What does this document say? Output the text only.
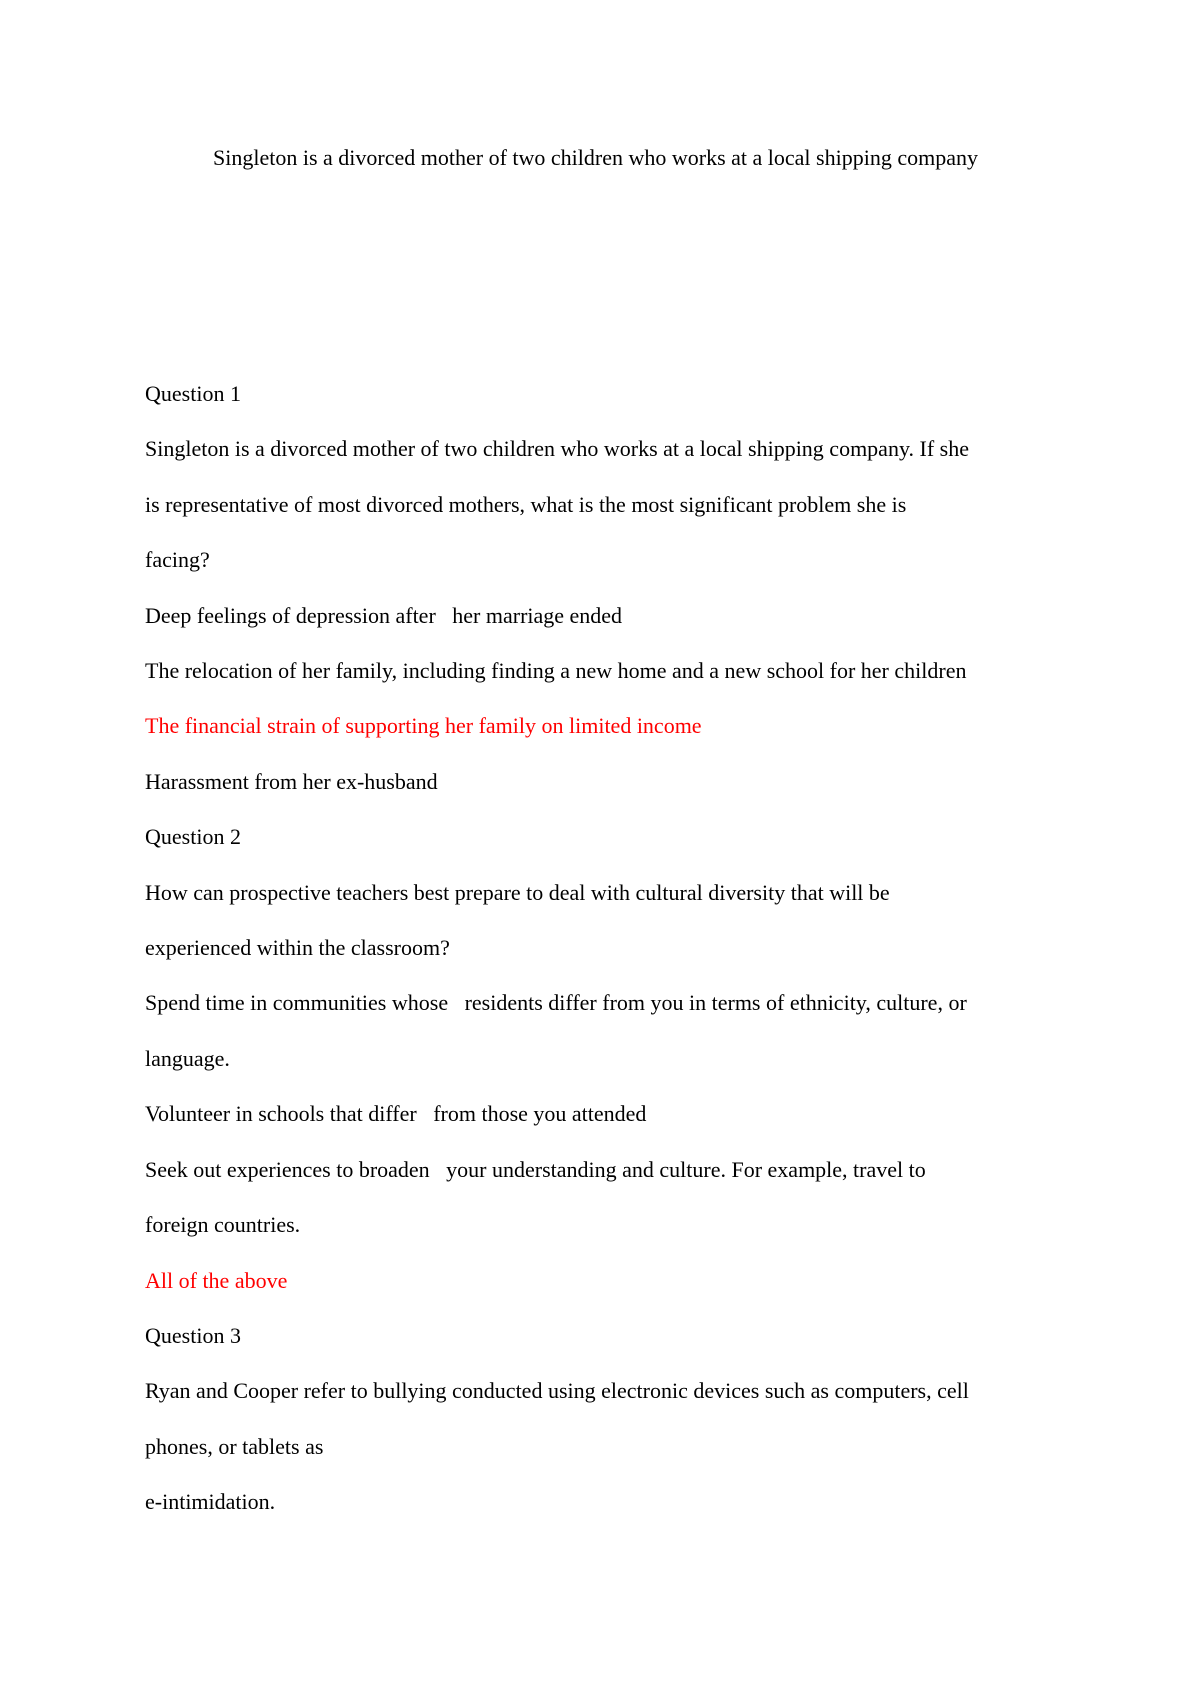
Singleton is a divorced mother of two children who works at a local shipping company

Question 1

Singleton is a divorced mother of two children who works at a local shipping company. If she

is representative of most divorced mothers, what is the most significant problem she is

facing?

Deep feelings of depression after   her marriage ended

The relocation of her family, including finding a new home and a new school for her children

The financial strain of supporting her family on limited income

Harassment from her ex-husband

Question 2

How can prospective teachers best prepare to deal with cultural diversity that will be

experienced within the classroom?

Spend time in communities whose   residents differ from you in terms of ethnicity, culture, or

language.

Volunteer in schools that differ   from those you attended

Seek out experiences to broaden   your understanding and culture. For example, travel to

foreign countries.

All of the above

Question 3

Ryan and Cooper refer to bullying conducted using electronic devices such as computers, cell

phones, or tablets as

e-intimidation.
